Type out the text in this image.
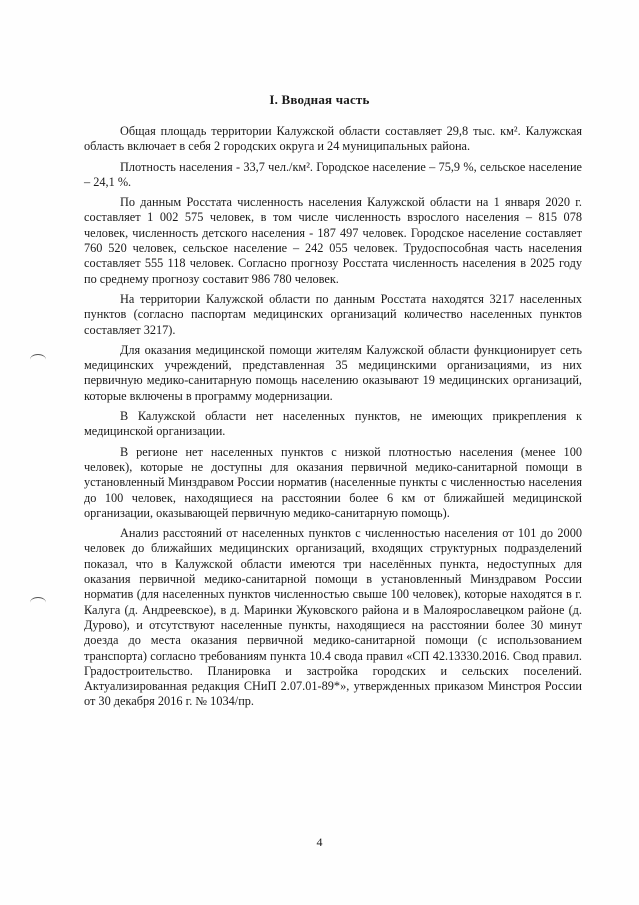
I. Вводная часть

Общая площадь территории Калужской области составляет 29,8 тыс. км². Калужская область включает в себя 2 городских округа и 24 муниципальных района.

Плотность населения - 33,7 чел./км². Городское население – 75,9 %, сельское население – 24,1 %.

По данным Росстата численность населения Калужской области на 1 января 2020 г. составляет 1 002 575 человек, в том числе численность взрослого населения – 815 078 человек, численность детского населения - 187 497 человек. Городское население составляет 760 520 человек, сельское население – 242 055 человек. Трудоспособная часть населения составляет 555 118 человек. Согласно прогнозу Росстата численность населения в 2025 году по среднему прогнозу составит 986 780 человек.

На территории Калужской области по данным Росстата находятся 3217 населенных пунктов (согласно паспортам медицинских организаций количество населенных пунктов составляет 3217).

Для оказания медицинской помощи жителям Калужской области функционирует сеть медицинских учреждений, представленная 35 медицинскими организациями, из них первичную медико-санитарную помощь населению оказывают 19 медицинских организаций, которые включены в программу модернизации.

В Калужской области нет населенных пунктов, не имеющих прикрепления к медицинской организации.

В регионе нет населенных пунктов с низкой плотностью населения (менее 100 человек), которые не доступны для оказания первичной медико-санитарной помощи в установленный Минздравом России норматив (населенные пункты с численностью населения до 100 человек, находящиеся на расстоянии более 6 км от ближайшей медицинской организации, оказывающей первичную медико-санитарную помощь).

Анализ расстояний от населенных пунктов с численностью населения от 101 до 2000 человек до ближайших медицинских организаций, входящих структурных подразделений показал, что в Калужской области имеются три населённых пункта, недоступных для оказания первичной медико-санитарной помощи в установленный Минздравом России норматив (для населенных пунктов численностью свыше 100 человек), которые находятся в г. Калуга (д. Андреевское), в д. Маринки Жуковского района и в Малоярославецком районе (д. Дурово), и отсутствуют населенные пункты, находящиеся на расстоянии более 30 минут доезда до места оказания первичной медико-санитарной помощи (с использованием транспорта) согласно требованиям пункта 10.4 свода правил «СП 42.13330.2016. Свод правил. Градостроительство. Планировка и застройка городских и сельских поселений. Актуализированная редакция СНиП 2.07.01-89*», утвержденных приказом Минстроя России от 30 декабря 2016 г. № 1034/пр.

4
